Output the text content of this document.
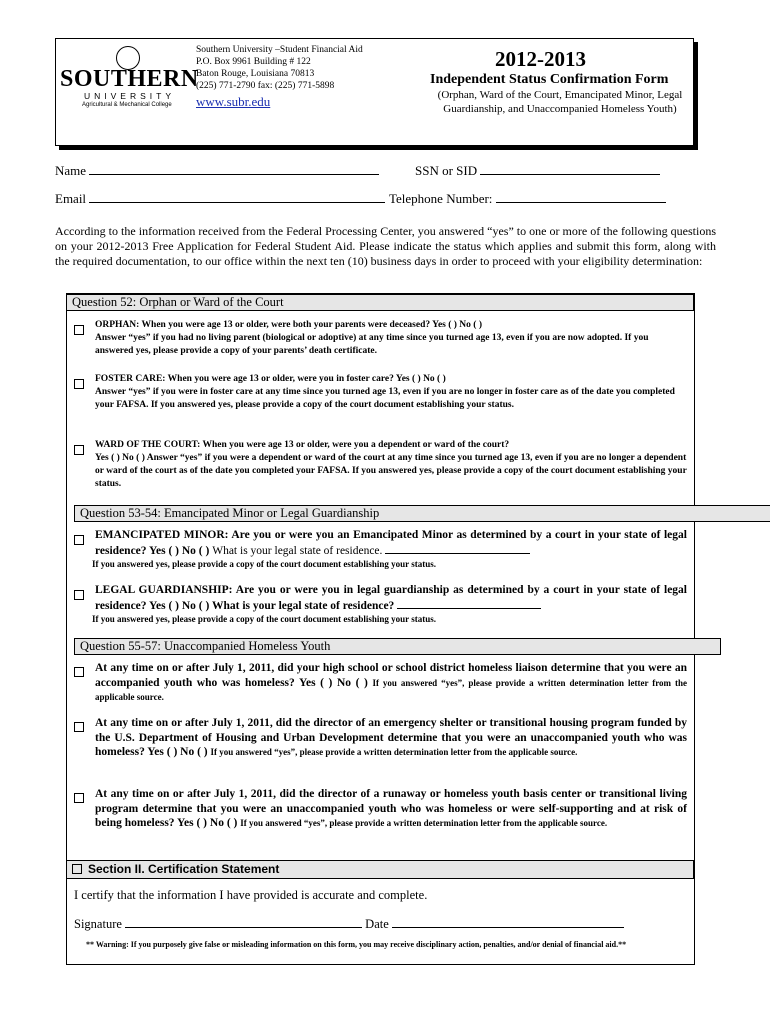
SOUTHERN
UNIVERSITY
Agricultural & Mechanical College
Southern University –Student Financial Aid
P.O. Box 9961 Building # 122
Baton Rouge, Louisiana 70813
(225) 771-2790 fax: (225) 771-5898
www.subr.edu
2012-2013
Independent Status Confirmation Form
(Orphan, Ward of the Court, Emancipated Minor, Legal Guardianship, and Unaccompanied Homeless Youth)
Name	SSN or SID
Email	Telephone Number:
According to the information received from the Federal Processing Center, you answered “yes” to one or more of the following questions on your 2012-2013 Free Application for Federal Student Aid. Please indicate the status which applies and submit this form, along with the required documentation, to our office within the next ten (10) business days in order to proceed with your eligibility determination:
Question 52: Orphan or Ward of the Court
ORPHAN: When you were age 13 or older, were both your parents were deceased? Yes ( ) No ( )
Answer “yes” if you had no living parent (biological or adoptive) at any time since you turned age 13, even if you are now adopted. If you answered yes, please provide a copy of your parents’ death certificate.
FOSTER CARE: When you were age 13 or older, were you in foster care? Yes ( ) No ( )
Answer “yes” if you were in foster care at any time since you turned age 13, even if you are no longer in foster care as of the date you completed your FAFSA. If you answered yes, please provide a copy of the court document establishing your status.
WARD OF THE COURT: When you were age 13 or older, were you a dependent or ward of the court?
Yes ( ) No ( ) Answer “yes” if you were a dependent or ward of the court at any time since you turned age 13, even if you are no longer a dependent or ward of the court as of the date you completed your FAFSA. If you answered yes, please provide a copy of the court document establishing your status.
Question 53-54: Emancipated Minor or Legal Guardianship
EMANCIPATED MINOR: Are you or were you an Emancipated Minor as determined by a court in your state of legal residence? Yes ( ) No ( ) What is your legal state of residence.
If you answered yes, please provide a copy of the court document establishing your status.
LEGAL GUARDIANSHIP: Are you or were you in legal guardianship as determined by a court in your state of legal residence? Yes ( ) No ( ) What is your legal state of residence?
If you answered yes, please provide a copy of the court document establishing your status.
Question 55-57: Unaccompanied Homeless Youth
At any time on or after July 1, 2011, did your high school or school district homeless liaison determine that you were an accompanied youth who was homeless? Yes ( ) No ( ) If you answered “yes”, please provide a written determination letter from the applicable source.
At any time on or after July 1, 2011, did the director of an emergency shelter or transitional housing program funded by the U.S. Department of Housing and Urban Development determine that you were an unaccompanied youth who was homeless? Yes ( ) No ( ) If you answered “yes”, please provide a written determination letter from the applicable source.
At any time on or after July 1, 2011, did the director of a runaway or homeless youth basis center or transitional living program determine that you were an unaccompanied youth who was homeless or were self-supporting and at risk of being homeless? Yes ( ) No ( ) If you answered “yes”, please provide a written determination letter from the applicable source.
Section II. Certification Statement
I certify that the information I have provided is accurate and complete.
Signature	Date
** Warning: If you purposely give false or misleading information on this form, you may receive disciplinary action, penalties, and/or denial of financial aid.**
